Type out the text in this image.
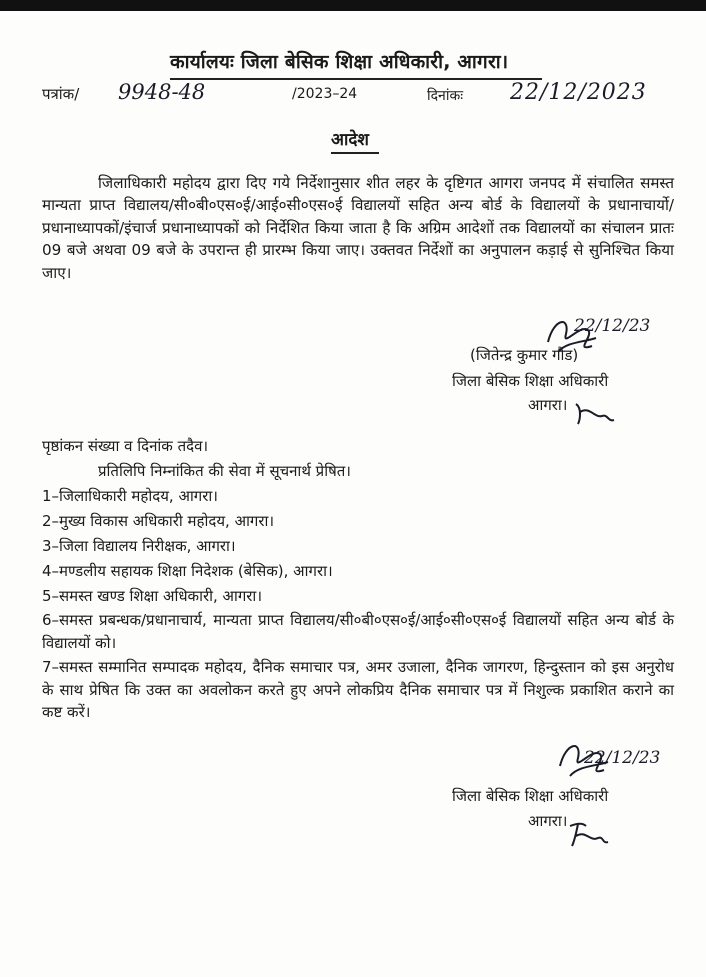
कार्यालयः जिला बेसिक शिक्षा अधिकारी, आगरा।
पत्रांक/ 9948-48	/2023–24	दिनांकः 22/12/2023
आदेश
जिलाधिकारी महोदय द्वारा दिए गये निर्देशानुसार शीत लहर के दृष्टिगत आगरा जनपद में संचालित समस्त मान्यता प्राप्त विद्यालय/सी०बी०एस०ई/आई०सी०एस०ई विद्यालयों सहित अन्य बोर्ड के विद्यालयों के प्रधानाचार्यो/प्रधानाध्यापकों/इंचार्ज प्रधानाध्यापकों को निर्देशित किया जाता है कि अग्रिम आदेशों तक विद्यालयों का संचालन प्रातः 09 बजे अथवा 09 बजे के उपरान्त ही प्रारम्भ किया जाए। उक्तवत निर्देशों का अनुपालन कड़ाई से सुनिश्चित किया जाए।
22/12/23
(जितेन्द्र कुमार गौड)
जिला बेसिक शिक्षा अधिकारी
आगरा।
पृष्ठांकन संख्या व दिनांक तदैव।
प्रतिलिपि निम्नांकित की सेवा में सूचनार्थ प्रेषित।
1–जिलाधिकारी महोदय, आगरा।
2–मुख्य विकास अधिकारी महोदय, आगरा।
3–जिला विद्यालय निरीक्षक, आगरा।
4–मण्डलीय सहायक शिक्षा निदेशक (बेसिक), आगरा।
5–समस्त खण्ड शिक्षा अधिकारी, आगरा।
6–समस्त प्रबन्धक/प्रधानाचार्य, मान्यता प्राप्त विद्यालय/सी०बी०एस०ई/आई०सी०एस०ई विद्यालयों सहित अन्य बोर्ड के विद्यालयों को।
7–समस्त सम्मानित सम्पादक महोदय, दैनिक समाचार पत्र, अमर उजाला, दैनिक जागरण, हिन्दुस्तान को इस अनुरोध के साथ प्रेषित कि उक्त का अवलोकन करते हुए अपने लोकप्रिय दैनिक समाचार पत्र में निशुल्क प्रकाशित कराने का कष्ट करें।
22/12/23
जिला बेसिक शिक्षा अधिकारी
आगरा।
